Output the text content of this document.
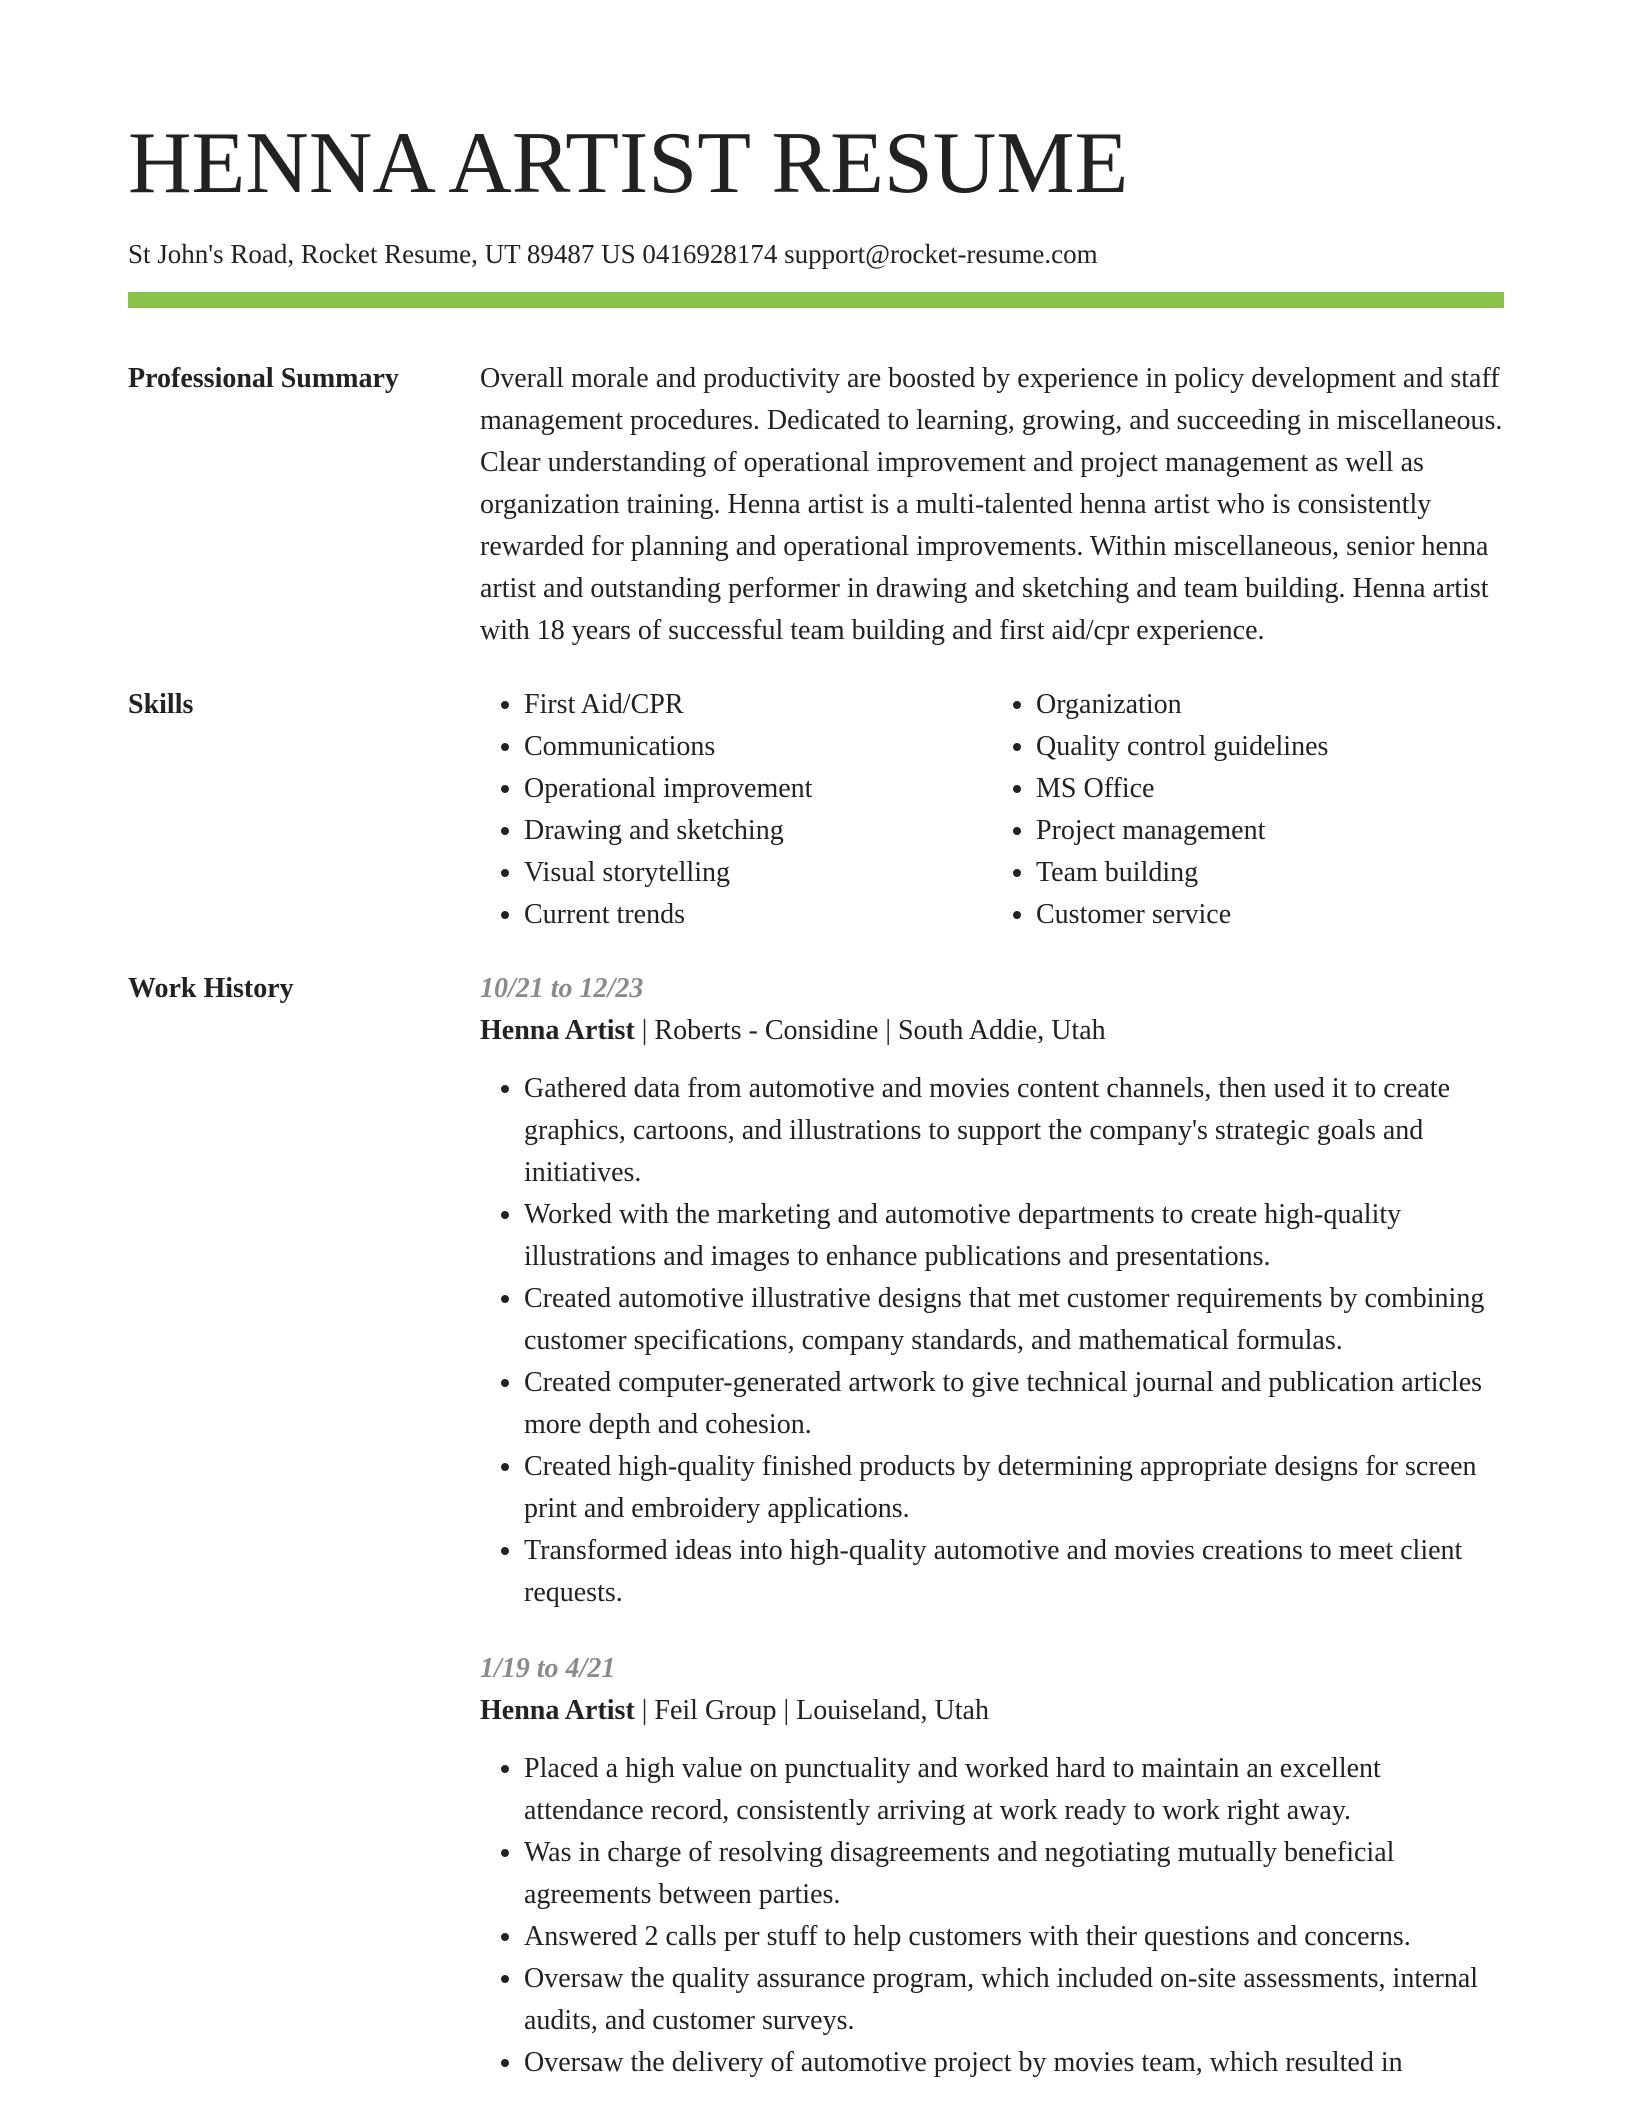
HENNA ARTIST RESUME
St John's Road, Rocket Resume, UT 89487 US 0416928174 support@rocket-resume.com
Professional Summary	Overall morale and productivity are boosted by experience in policy development and staff management procedures. Dedicated to learning, growing, and succeeding in miscellaneous. Clear understanding of operational improvement and project management as well as organization training. Henna artist is a multi-talented henna artist who is consistently rewarded for planning and operational improvements. Within miscellaneous, senior henna artist and outstanding performer in drawing and sketching and team building. Henna artist with 18 years of successful team building and first aid/cpr experience.
Skills
•	First Aid/CPR
• Communications
• Operational improvement
• Drawing and sketching
• Visual storytelling
• Current trends
• Organization
• Quality control guidelines
• MS Office
• Project management
• Team building
• Customer service
Work History	10/21 to 12/23
Henna Artist | Roberts - Considine | South Addie, Utah
• Gathered data from automotive and movies content channels, then used it to create graphics, cartoons, and illustrations to support the company's strategic goals and initiatives.
• Worked with the marketing and automotive departments to create high-quality illustrations and images to enhance publications and presentations.
• Created automotive illustrative designs that met customer requirements by combining customer specifications, company standards, and mathematical formulas.
• Created computer-generated artwork to give technical journal and publication articles more depth and cohesion.
• Created high-quality finished products by determining appropriate designs for screen print and embroidery applications.
• Transformed ideas into high-quality automotive and movies creations to meet client requests.
1/19 to 4/21
Henna Artist | Feil Group | Louiseland, Utah
• Placed a high value on punctuality and worked hard to maintain an excellent attendance record, consistently arriving at work ready to work right away.
• Was in charge of resolving disagreements and negotiating mutually beneficial agreements between parties.
• Answered 2 calls per stuff to help customers with their questions and concerns.
• Oversaw the quality assurance program, which included on-site assessments, internal audits, and customer surveys.
• Oversaw the delivery of automotive project by movies team, which resulted in
